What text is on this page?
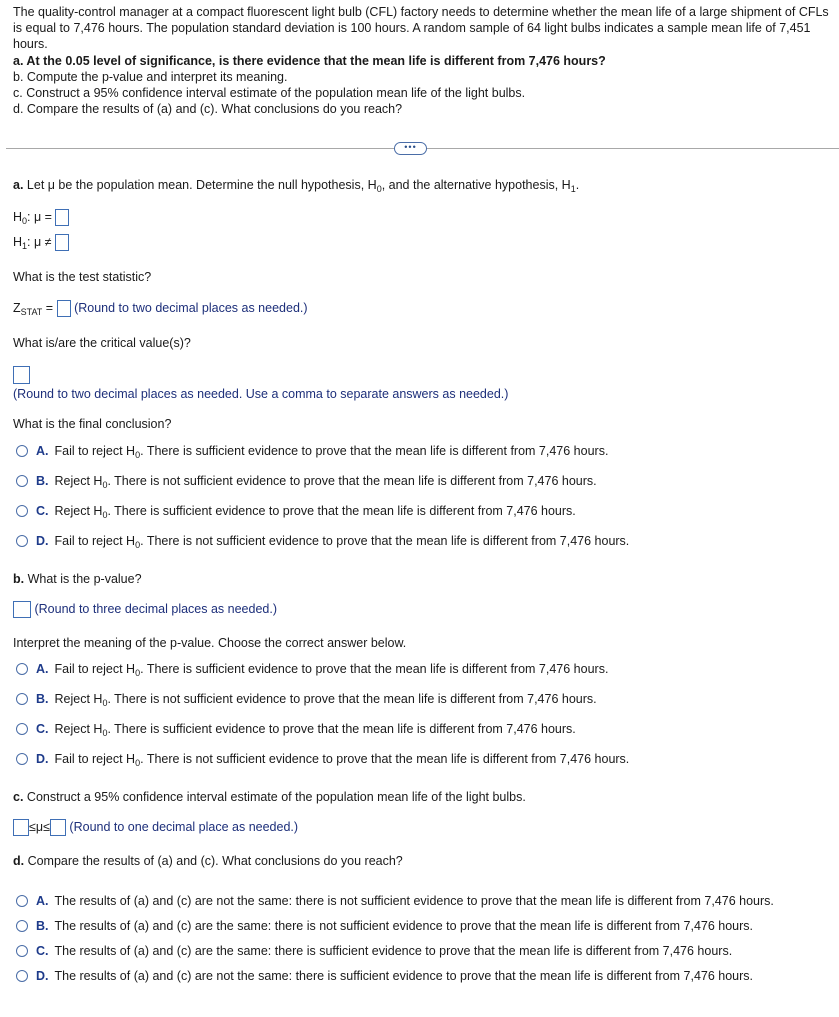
The quality-control manager at a compact fluorescent light bulb (CFL) factory needs to determine whether the mean life of a large shipment of CFLs is equal to 7,476 hours. The population standard deviation is 100 hours. A random sample of 64 light bulbs indicates a sample mean life of 7,451 hours.
a. At the 0.05 level of significance, is there evidence that the mean life is different from 7,476 hours?
b. Compute the p-value and interpret its meaning.
c. Construct a 95% confidence interval estimate of the population mean life of the light bulbs.
d. Compare the results of (a) and (c). What conclusions do you reach?
•••
a. Let μ be the population mean. Determine the null hypothesis, $H_0$, and the alternative hypothesis, $H_1$.
$H_0$: μ =
$H_1$: μ ≠
What is the test statistic?
$Z_{STAT}$ = (Round to two decimal places as needed.)
What is/are the critical value(s)?
(Round to two decimal places as needed. Use a comma to separate answers as needed.)
What is the final conclusion?
A. Fail to reject $H_0$. There is sufficient evidence to prove that the mean life is different from 7,476 hours.
B. Reject $H_0$. There is not sufficient evidence to prove that the mean life is different from 7,476 hours.
C. Reject $H_0$. There is sufficient evidence to prove that the mean life is different from 7,476 hours.
D. Fail to reject $H_0$. There is not sufficient evidence to prove that the mean life is different from 7,476 hours.
b. What is the p-value?
(Round to three decimal places as needed.)
Interpret the meaning of the p-value. Choose the correct answer below.
A. Fail to reject $H_0$. There is sufficient evidence to prove that the mean life is different from 7,476 hours.
B. Reject $H_0$. There is not sufficient evidence to prove that the mean life is different from 7,476 hours.
C. Reject $H_0$. There is sufficient evidence to prove that the mean life is different from 7,476 hours.
D. Fail to reject $H_0$. There is not sufficient evidence to prove that the mean life is different from 7,476 hours.
c. Construct a 95% confidence interval estimate of the population mean life of the light bulbs.
≤μ≤ (Round to one decimal place as needed.)
d. Compare the results of (a) and (c). What conclusions do you reach?
A. The results of (a) and (c) are not the same: there is not sufficient evidence to prove that the mean life is different from 7,476 hours.
B. The results of (a) and (c) are the same: there is not sufficient evidence to prove that the mean life is different from 7,476 hours.
C. The results of (a) and (c) are the same: there is sufficient evidence to prove that the mean life is different from 7,476 hours.
D. The results of (a) and (c) are not the same: there is sufficient evidence to prove that the mean life is different from 7,476 hours.
